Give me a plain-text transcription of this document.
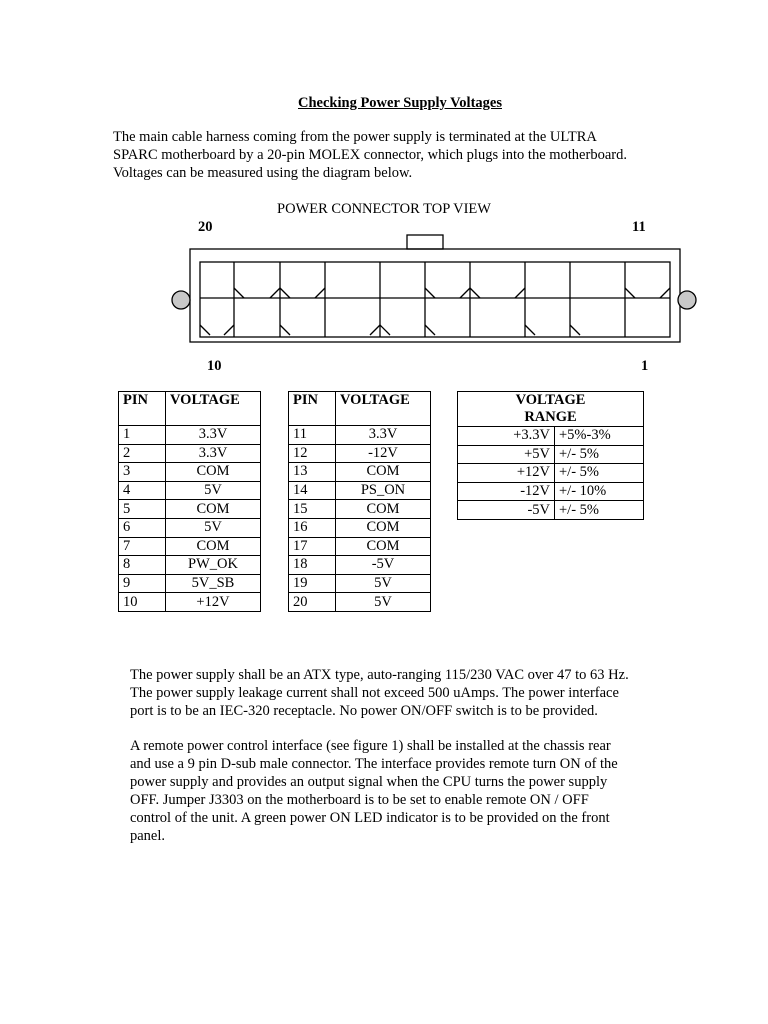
Checking Power Supply Voltages
The main cable harness coming from the power supply is terminated at the ULTRA
SPARC motherboard by a 20-pin MOLEX connector, which plugs into the motherboard.
Voltages can be measured using the diagram below.
POWER CONNECTOR TOP VIEW
20	11
10	1
PIN	VOLTAGE
1	3.3V
2	3.3V
3	COM
4	5V
5	COM
6	5V
7	COM
8	PW_OK
9	5V_SB
10	+12V
PIN	VOLTAGE
11	3.3V
12	-12V
13	COM
14	PS_ON
15	COM
16	COM
17	COM
18	-5V
19	5V
20	5V
VOLTAGE
RANGE	

+3.3V	+5%-3%
+5V	+/- 5%
+12V	+/- 5%
-12V	+/- 10%
-5V	+/- 5%
The power supply shall be an ATX type, auto-ranging 115/230 VAC over 47 to 63 Hz.
The power supply leakage current shall not exceed 500 uAmps. The power interface
port is to be an IEC-320 receptacle. No power ON/OFF switch is to be provided.
A remote power control interface (see figure 1) shall be installed at the chassis rear
and use a 9 pin D-sub male connector. The interface provides remote turn ON of the
power supply and provides an output signal when the CPU turns the power supply
OFF. Jumper J3303 on the motherboard is to be set to enable remote ON / OFF
control of the unit. A green power ON LED indicator is to be provided on the front
panel.
